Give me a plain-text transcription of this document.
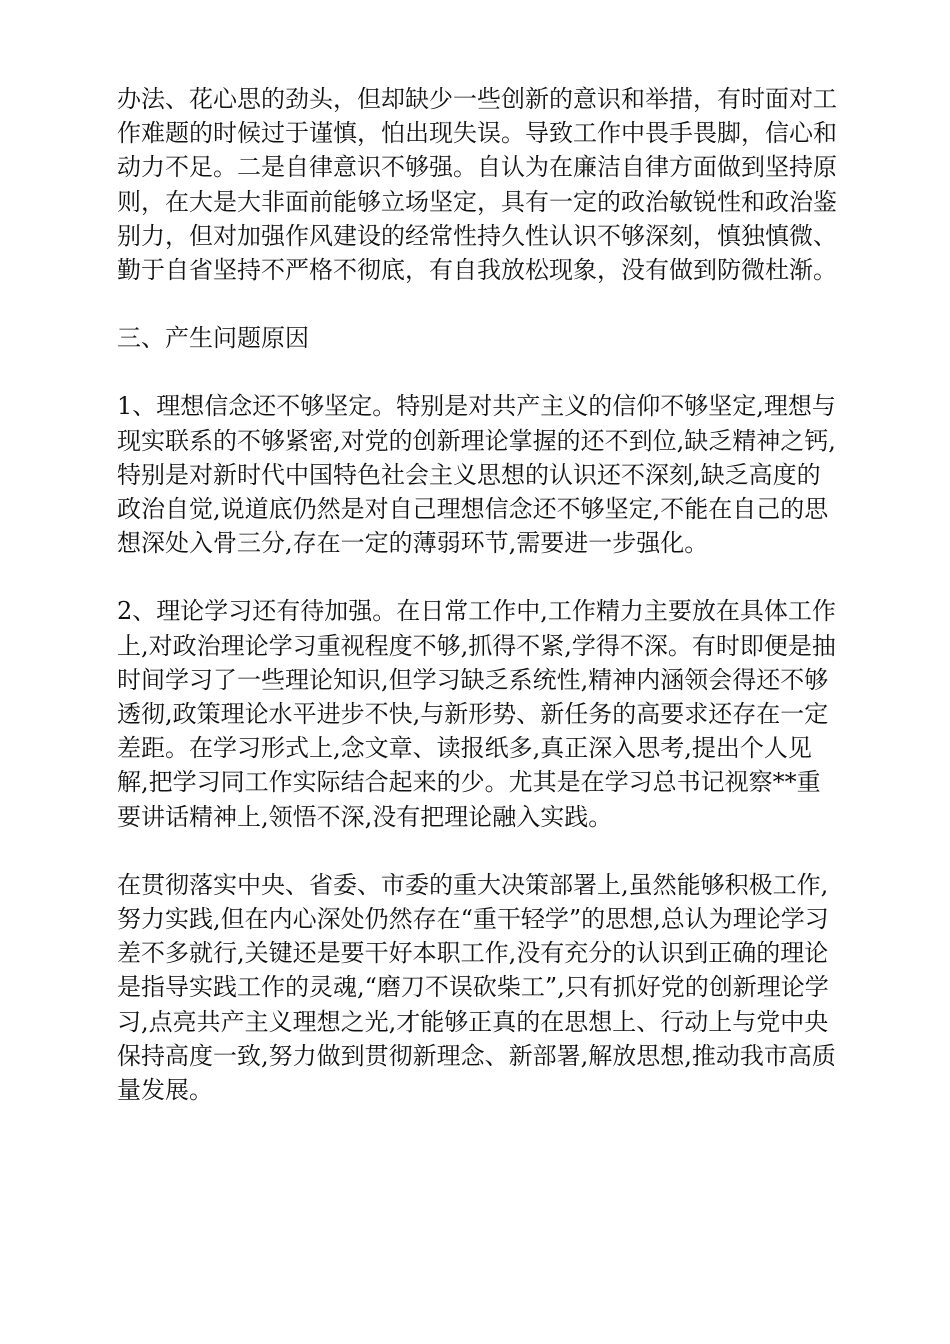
办法、花心思的劲头，但却缺少一些创新的意识和举措，有时面对工作难题的时候过于谨慎，怕出现失误。导致工作中畏手畏脚，信心和动力不足。二是自律意识不够强。自认为在廉洁自律方面做到坚持原则，在大是大非面前能够立场坚定，具有一定的政治敏锐性和政治鉴别力，但对加强作风建设的经常性持久性认识不够深刻，慎独慎微、勤于自省坚持不严格不彻底，有自我放松现象，没有做到防微杜渐。

三、产生问题原因

1、理想信念还不够坚定。特别是对共产主义的信仰不够坚定,理想与现实联系的不够紧密,对党的创新理论掌握的还不到位,缺乏精神之钙,特别是对新时代中国特色社会主义思想的认识还不深刻,缺乏高度的政治自觉,说道底仍然是对自己理想信念还不够坚定,不能在自己的思想深处入骨三分,存在一定的薄弱环节,需要进一步强化。

2、理论学习还有待加强。在日常工作中,工作精力主要放在具体工作上,对政治理论学习重视程度不够,抓得不紧,学得不深。有时即便是抽时间学习了一些理论知识,但学习缺乏系统性,精神内涵领会得还不够透彻,政策理论水平进步不快,与新形势、新任务的高要求还存在一定差距。在学习形式上,念文章、读报纸多,真正深入思考,提出个人见解,把学习同工作实际结合起来的少。尤其是在学习总书记视察**重要讲话精神上,领悟不深,没有把理论融入实践。

在贯彻落实中央、省委、市委的重大决策部署上,虽然能够积极工作,努力实践,但在内心深处仍然存在“重干轻学”的思想,总认为理论学习差不多就行,关键还是要干好本职工作,没有充分的认识到正确的理论是指导实践工作的灵魂,“磨刀不误砍柴工”,只有抓好党的创新理论学习,点亮共产主义理想之光,才能够正真的在思想上、行动上与党中央保持高度一致,努力做到贯彻新理念、新部署,解放思想,推动我市高质量发展。
